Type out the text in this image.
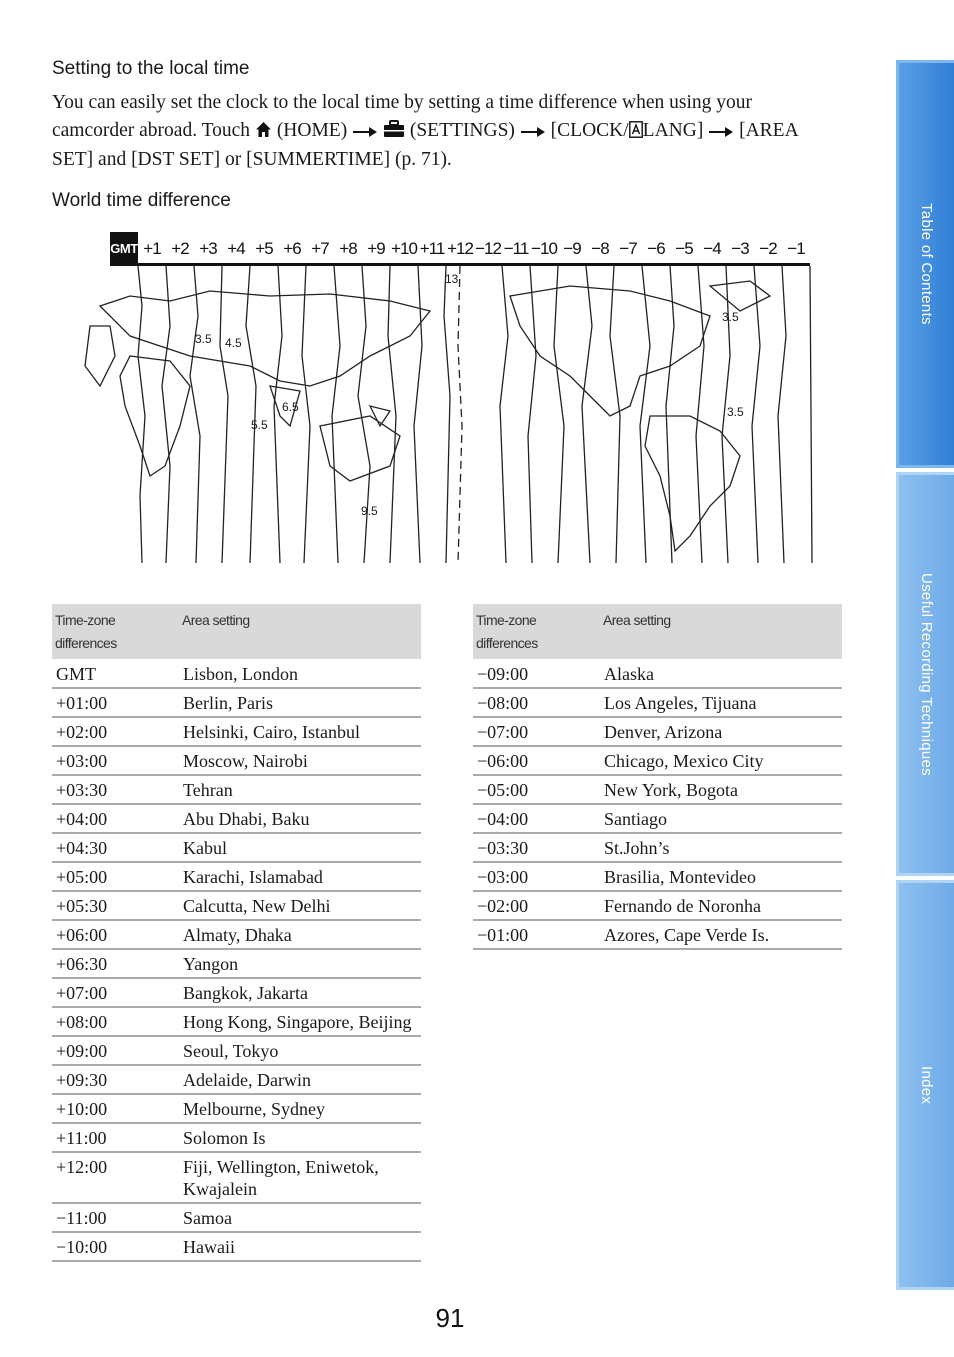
Setting to the local time

You can easily set the clock to the local time by setting a time difference when using your camcorder abroad. Touch (HOME)	(SETTINGS) [CLOCK/ LANG] [AREA SET] and [DST SET] or [SUMMERTIME] (p. 71).

World time difference
GMT +1 +2 +3 +4 +5 +6 +7 +8 +9 +10 +11 +12 −12 −11 −10 −9 −8 −7 −6 −5 −4 −3 −2 −1
13
3.5 4.5
5.5
6.5
9.5
3.5
3.5
Time-zone
differences	Area setting
GMT	Lisbon, London
+01:00	Berlin, Paris
+02:00	Helsinki, Cairo, Istanbul
+03:00	Moscow, Nairobi
+03:30	Tehran
+04:00	Abu Dhabi, Baku
+04:30	Kabul
+05:00	Karachi, Islamabad
+05:30	Calcutta, New Delhi
+06:00	Almaty, Dhaka
+06:30	Yangon
+07:00	Bangkok, Jakarta
+08:00	Hong Kong, Singapore, Beijing
+09:00	Seoul, Tokyo
+09:30	Adelaide, Darwin
+10:00	Melbourne, Sydney
+11:00	Solomon Is
+12:00	Fiji, Wellington, Eniwetok, Kwajalein
−11:00	Samoa
−10:00	Hawaii
Time-zone
differences	Area setting
−09:00	Alaska
−08:00	Los Angeles, Tijuana
−07:00	Denver, Arizona
−06:00	Chicago, Mexico City
−05:00	New York, Bogota
−04:00	Santiago
−03:30	St.John’s
−03:00	Brasilia, Montevideo
−02:00	Fernando de Noronha
−01:00	Azores, Cape Verde Is.
Table of Contents
Useful Recording Techniques
Index
91
